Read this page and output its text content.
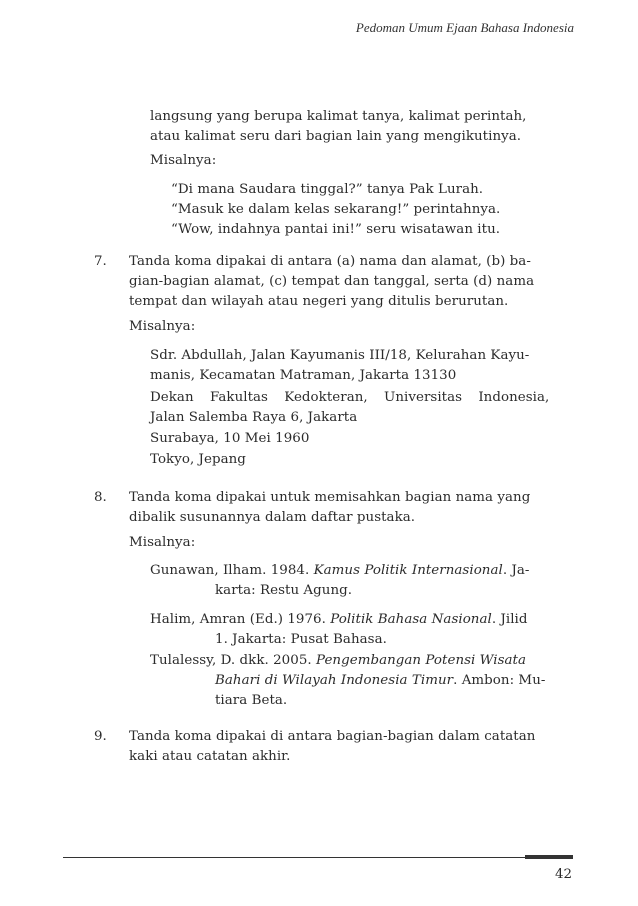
Pedoman Umum Ejaan Bahasa Indonesia
langsung yang berupa kalimat tanya, kalimat perintah,
atau kalimat seru dari bagian lain yang mengikutinya.
Misalnya:
“Di mana Saudara tinggal?” tanya Pak Lurah.
“Masuk ke dalam kelas sekarang!” perintahnya.
“Wow, indahnya pantai ini!” seru wisatawan itu.
7. Tanda koma dipakai di antara (a) nama dan alamat, (b) ba-
gian-bagian alamat, (c) tempat dan tanggal, serta (d) nama
tempat dan wilayah atau negeri yang ditulis berurutan.
Misalnya:
Sdr. Abdullah, Jalan Kayumanis III/18, Kelurahan Kayu-
manis, Kecamatan Matraman, Jakarta 13130
Dekan Fakultas Kedokteran, Universitas Indonesia,
Jalan Salemba Raya 6, Jakarta
Surabaya, 10 Mei 1960
Tokyo, Jepang
8. Tanda koma dipakai untuk memisahkan bagian nama yang
dibalik susunannya dalam daftar pustaka.
Misalnya:
Gunawan, Ilham. 1984. Kamus Politik Internasional. Ja-
karta: Restu Agung.
Halim, Amran (Ed.) 1976. Politik Bahasa Nasional. Jilid
1. Jakarta: Pusat Bahasa.
Tulalessy, D. dkk. 2005. Pengembangan Potensi Wisata
Bahari di Wilayah Indonesia Timur. Ambon: Mu-
tiara Beta.
9. Tanda koma dipakai di antara bagian-bagian dalam catatan
kaki atau catatan akhir.
42
